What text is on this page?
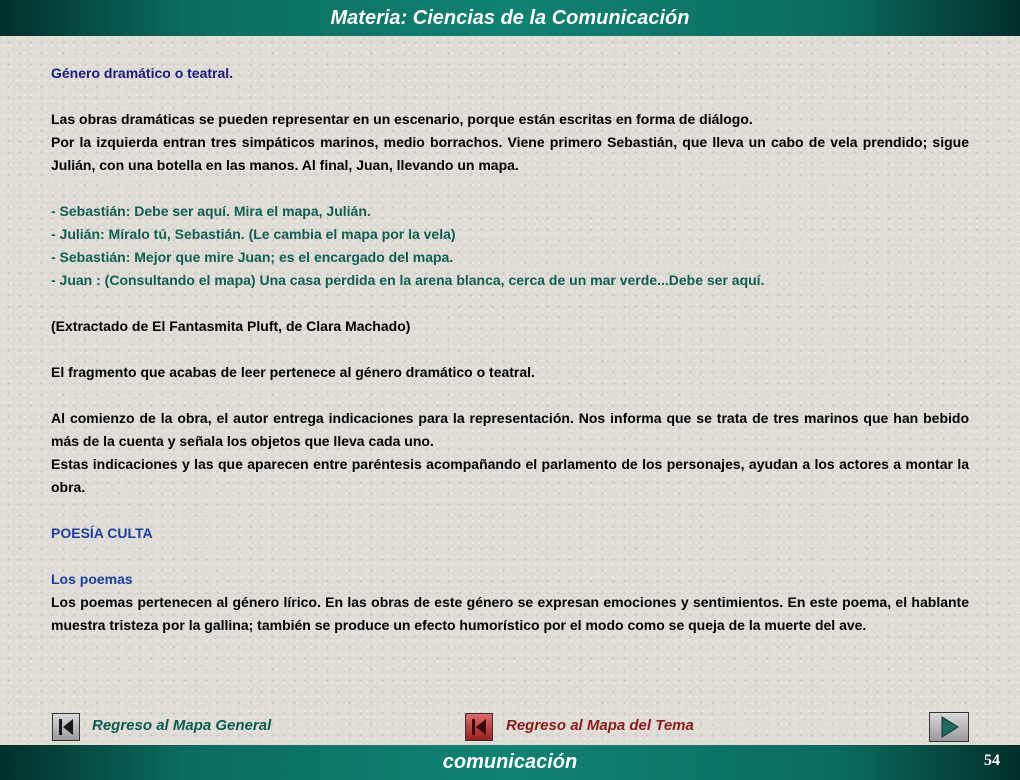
Materia: Ciencias de la Comunicación

Género dramático o teatral.

Las obras dramáticas se pueden representar en un escenario, porque están escritas en forma de diálogo.

Por la izquierda entran tres simpáticos marinos, medio borrachos. Viene primero Sebastián, que lleva un cabo de vela prendido; sigue Julián, con una botella en las manos. Al final, Juan, llevando un mapa.

- Sebastián: Debe ser aquí. Mira el mapa, Julián.

- Julián: Míralo tú, Sebastián. (Le cambia el mapa por la vela)

- Sebastián: Mejor que mire Juan; es el encargado del mapa.

- Juan : (Consultando el mapa) Una casa perdida en la arena blanca, cerca de un mar verde...Debe ser aquí.

(Extractado de El Fantasmita Pluft, de Clara Machado)

El fragmento que acabas de leer pertenece al género dramático o teatral.

Al comienzo de la obra, el autor entrega indicaciones para la representación. Nos informa que se trata de tres marinos que han bebido más de la cuenta y señala los objetos que lleva cada uno.

Estas indicaciones y las que aparecen entre paréntesis acompañando el parlamento de los personajes, ayudan a los actores a montar la obra.

POESÍA CULTA

Los poemas

Los poemas pertenecen al género lírico. En las obras de este género se expresan emociones y sentimientos. En este poema, el hablante muestra tristeza por la gallina; también se produce un efecto humorístico por el modo como se queja de la muerte del ave.

Regreso al Mapa General	Regreso al Mapa del Tema
comunicación	54
